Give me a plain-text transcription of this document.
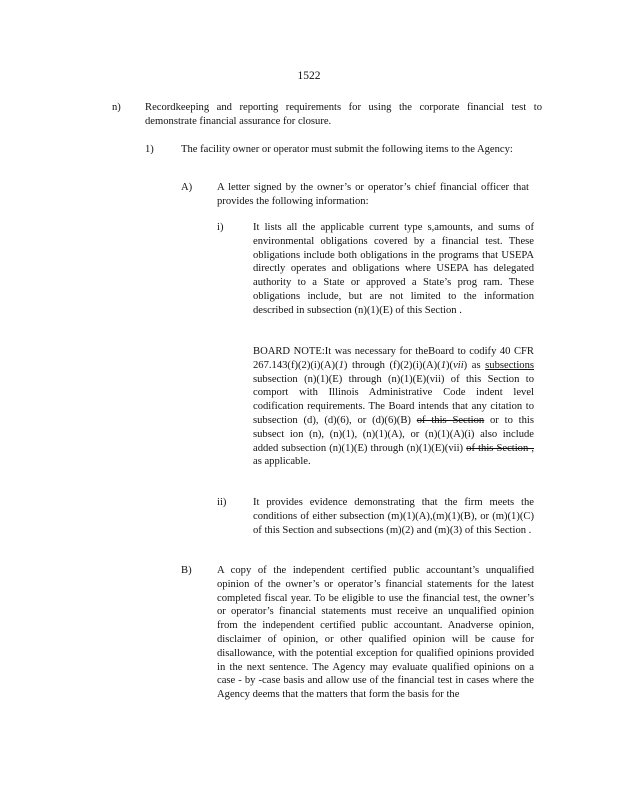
1522
n) Recordkeeping and reporting requirements for using the corporate financial test to demonstrate financial assurance for closure.

1)	The facility owner or operator must submit the following items to the Agency:

A) A letter signed by the owner’s or operator’s chief financial officer that provides the following information:

i)	It lists all the applicable current type s,amounts, and sums of environmental obligations covered by a financial test. These obligations include both obligations in the programs that USEPA directly operates and obligations where USEPA has delegated authority to a State or approved a State’s prog ram. These obligations include, but are not limited to the information described in subsection (n)(1)(E) of this Section .

BOARD NOTE:It was necessary for theBoard to codify 40 CFR 267.143(f)(2)(i)(A)(1) through (f)(2)(i)(A)(1)(vii) as subsections subsection (n)(1)(E) through (n)(1)(E)(vii) of this Section to comport with Illinois Administrative Code indent level codification requirements. The Board intends that any citation to subsection (d), (d)(6), or (d)(6)(B) of this Section or to this subsect ion (n), (n)(1), (n)(1)(A), or (n)(1)(A)(i) also include added subsection (n)(1)(E) through (n)(1)(E)(vii) of this Section , as applicable.

ii)	It provides evidence demonstrating that the firm meets the conditions of either subsection (m)(1)(A),(m)(1)(B), or (m)(1)(C) of this Section and subsections (m)(2) and (m)(3) of this Section .

B) A copy of the independent certified public accountant’s unqualified opinion of the owner’s or operator’s financial statements for the latest completed fiscal year. To be eligible to use the financial test, the owner’s or operator’s financial statements must receive an unqualified opinion from the independent certified public accountant. Anadverse opinion, disclaimer of opinion, or other qualified opinion will be cause for disallowance, with the potential exception for qualified opinions provided in the next sentence. The Agency may evaluate qualified opinions on a case - by -case basis and allow use of the financial test in cases where the Agency deems that the matters that form the basis for the
